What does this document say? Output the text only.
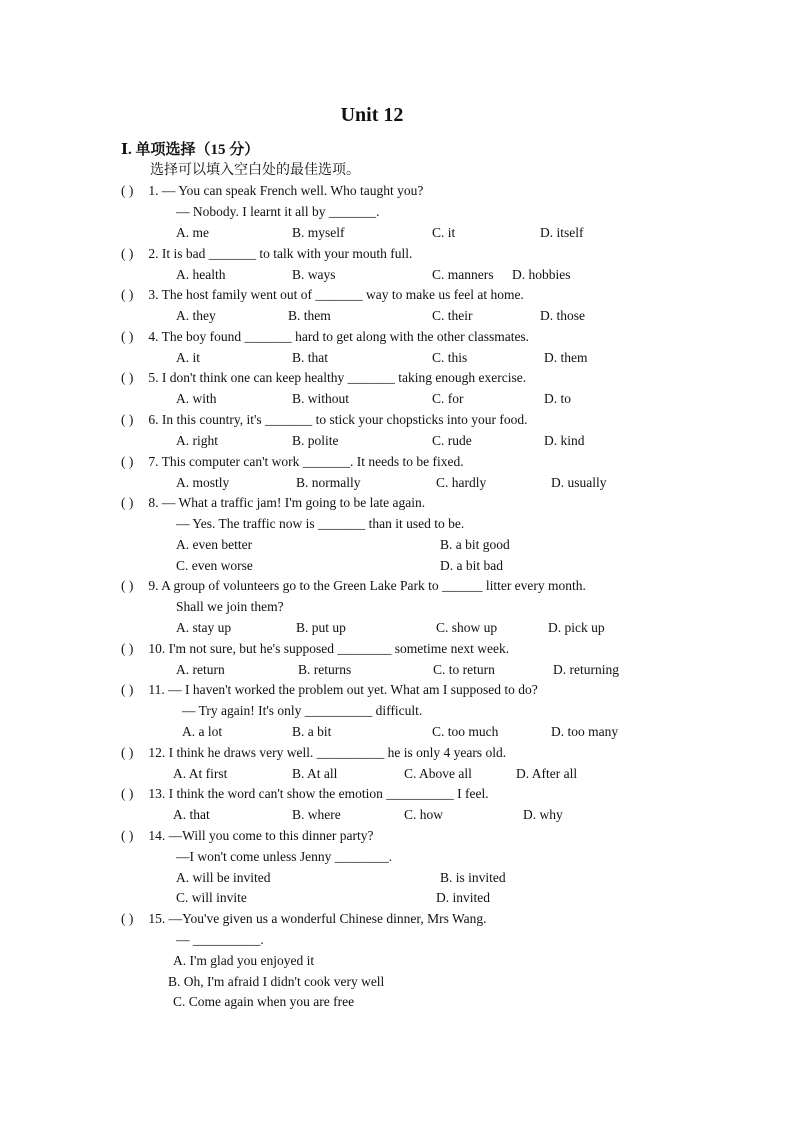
Unit 12
Ⅰ. 单项选择（15 分）
选择可以填入空白处的最佳选项。
( ) 1. — You can speak French well. Who taught you?
— Nobody. I learnt it all by _______.
A. me	B. myself	C. it	D. itself
( ) 2. It is bad _______ to talk with your mouth full.
A. health	B. ways	C. manners D. hobbies
( ) 3. The host family went out of _______ way to make us feel at home.
A. they	B. them	C. their	D. those
( ) 4. The boy found _______ hard to get along with the other classmates.
A. it	B. that	C. this	D. them
( ) 5. I don't think one can keep healthy _______ taking enough exercise.
A. with	B. without	C. for	D. to
( ) 6. In this country, it's _______ to stick your chopsticks into your food.
A. right	B. polite	C. rude	D. kind
( ) 7. This computer can't work _______. It needs to be fixed.
A. mostly	B. normally	C. hardly	D. usually
( ) 8. — What a traffic jam! I'm going to be late again.
— Yes. The traffic now is _______ than it used to be.
A. even better	B. a bit good
C. even worse	D. a bit bad
( ) 9. A group of volunteers go to the Green Lake Park to ______ litter every month.
Shall we join them?
A. stay up	B. put up	C. show up	D. pick up
( ) 10. I'm not sure, but he's supposed ________ sometime next week.
A. return	B. returns	C. to return	D. returning
( ) 11. — I haven't worked the problem out yet. What am I supposed to do?
— Try again! It's only __________ difficult.
A. a lot	B. a bit	C. too much	D. too many
( ) 12. I think he draws very well. __________ he is only 4 years old.
A. At first	B. At all	C. Above all	D. After all
( ) 13. I think the word can't show the emotion __________ I feel.
A. that	B. where	C. how	D. why
( ) 14. —Will you come to this dinner party?
—I won't come unless Jenny ________.
A. will be invited	B. is invited
C. will invite	D. invited
( ) 15. —You've given us a wonderful Chinese dinner, Mrs Wang.
— __________.
A. I'm glad you enjoyed it
B. Oh, I'm afraid I didn't cook very well
C. Come again when you are free
